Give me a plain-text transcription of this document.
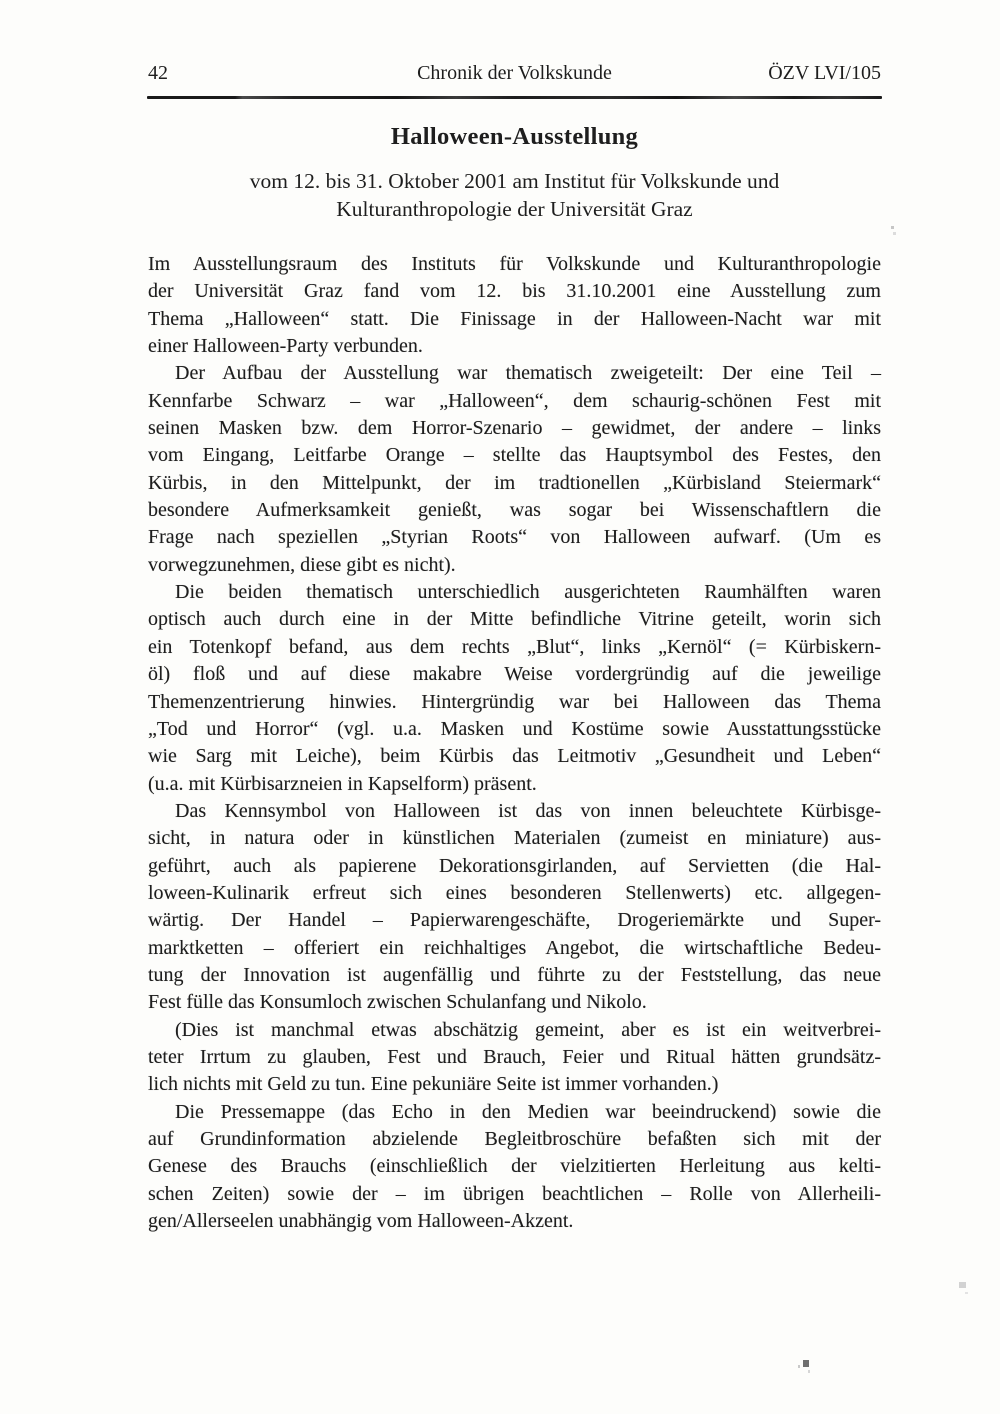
42	Chronik der Volkskunde	ÖZV LVI/105
Halloween-Ausstellung
vom 12. bis 31. Oktober 2001 am Institut für Volkskunde und
Kulturanthropologie der Universität Graz
Im Ausstellungsraum des Instituts für Volkskunde und Kulturanthropologie
der Universität Graz fand vom 12. bis 31.10.2001 eine Ausstellung zum
Thema „Halloween“ statt. Die Finissage in der Halloween-Nacht war mit
einer Halloween-Party verbunden.
Der Aufbau der Ausstellung war thematisch zweigeteilt: Der eine Teil –
Kennfarbe Schwarz – war „Halloween“, dem schaurig-schönen Fest mit
seinen Masken bzw. dem Horror-Szenario – gewidmet, der andere – links
vom Eingang, Leitfarbe Orange – stellte das Hauptsymbol des Festes, den
Kürbis, in den Mittelpunkt, der im tradtionellen „Kürbisland Steiermark“
besondere Aufmerksamkeit genießt, was sogar bei Wissenschaftlern die
Frage nach speziellen „Styrian Roots“ von Halloween aufwarf. (Um es
vorwegzunehmen, diese gibt es nicht).
Die beiden thematisch unterschiedlich ausgerichteten Raumhälften waren
optisch auch durch eine in der Mitte befindliche Vitrine geteilt, worin sich
ein Totenkopf befand, aus dem rechts „Blut“, links „Kernöl“ (= Kürbiskern-
öl) floß und auf diese makabre Weise vordergründig auf die jeweilige
Themenzentrierung hinwies. Hintergründig war bei Halloween das Thema
„Tod und Horror“ (vgl. u.a. Masken und Kostüme sowie Ausstattungsstücke
wie Sarg mit Leiche), beim Kürbis das Leitmotiv „Gesundheit und Leben“
(u.a. mit Kürbisarzneien in Kapselform) präsent.
Das Kennsymbol von Halloween ist das von innen beleuchtete Kürbisge-
sicht, in natura oder in künstlichen Materialen (zumeist en miniature) aus-
geführt, auch als papierene Dekorationsgirlanden, auf Servietten (die Hal-
loween-Kulinarik erfreut sich eines besonderen Stellenwerts) etc. allgegen-
wärtig. Der Handel – Papierwarengeschäfte, Drogeriemärkte und Super-
marktketten – offeriert ein reichhaltiges Angebot, die wirtschaftliche Bedeu-
tung der Innovation ist augenfällig und führte zu der Feststellung, das neue
Fest fülle das Konsumloch zwischen Schulanfang und Nikolo.
(Dies ist manchmal etwas abschätzig gemeint, aber es ist ein weitverbrei-
teter Irrtum zu glauben, Fest und Brauch, Feier und Ritual hätten grundsätz-
lich nichts mit Geld zu tun. Eine pekuniäre Seite ist immer vorhanden.)
Die Pressemappe (das Echo in den Medien war beeindruckend) sowie die
auf Grundinformation abzielende Begleitbroschüre befaßten sich mit der
Genese des Brauchs (einschließlich der vielzitierten Herleitung aus kelti-
schen Zeiten) sowie der – im übrigen beachtlichen – Rolle von Allerheili-
gen/Allerseelen unabhängig vom Halloween-Akzent.
